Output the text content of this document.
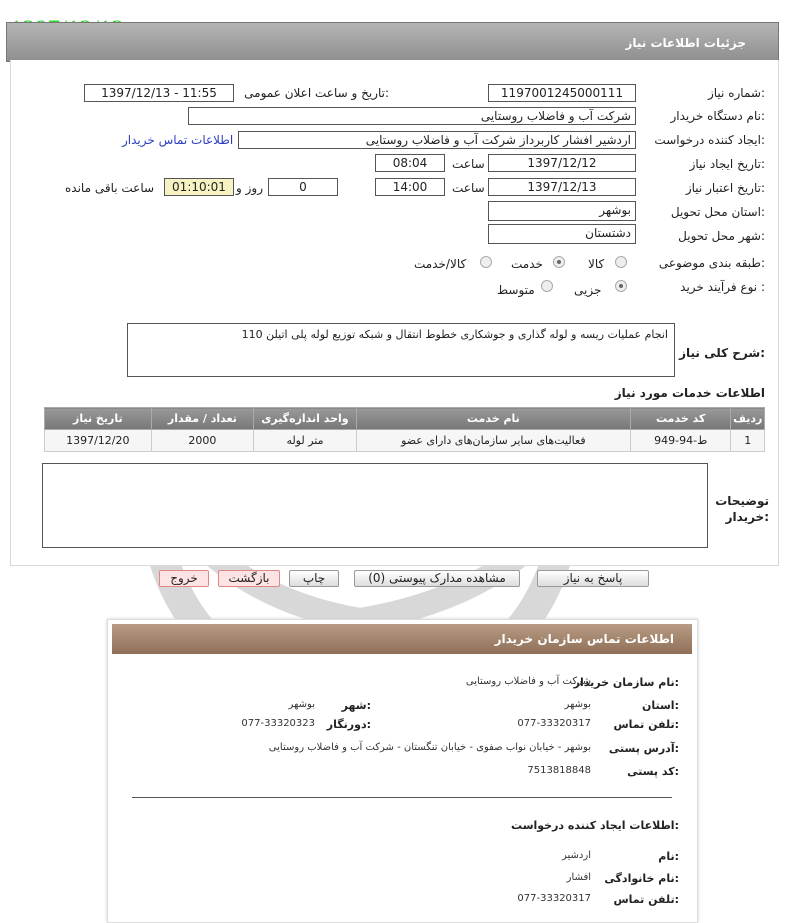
جزئیات اطلاعات نیاز
شماره نیاز:
1197001245000111
تاریخ و ساعت اعلان عمومی:
1397/12/13 - 11:55
نام دستگاه خریدار:
شرکت آب و فاضلاب روستایی
ایجاد کننده درخواست:
اردشیر افشار کاربرداز شرکت آب و فاضلاب روستایی
اطلاعات تماس خریدار
تاریخ ایجاد نیاز:
1397/12/12
ساعت
08:04
تاریخ اعتبار نیاز:
1397/12/13
ساعت
14:00
0
روز و
01:10:01
ساعت باقی مانده
استان محل تحویل:
بوشهر
شهر محل تحویل:
دشتستان
طبقه بندی موضوعی:
کالا
خدمت
کالا/خدمت
نوع فرآیند خرید :
جزیی
متوسط
شرح کلی نیاز:
انجام عملیات ریسه و لوله گذاری و جوشکاری خطوط انتقال و شبکه توزیع لوله پلی اتیلن 110
اطلاعات خدمات مورد نیاز
تاریخ نیاز	تعداد / مقدار	واحد اندازه‌گیری	نام خدمت	کد خدمت	ردیف
1397/12/20	2000	متر لوله	فعالیت‌های سایر سازمان‌های دارای عضو	ط-94-949	1
توضیحات خریدار:
پاسخ به نیاز
مشاهده مدارک پیوستی (0)
چاپ
بازگشت
خروج
اطلاعات تماس سازمان خریدار
نام سازمان خریدار:
شرکت آب و فاضلاب روستایی
استان:
بوشهر
شهر:
بوشهر
تلفن تماس:
077-33320317
دورنگار:
077-33320323
آدرس پستی:
بوشهر - خیابان نواب صفوی - خیابان تنگستان - شرکت آب و فاضلاب روستایی
کد پستی:
7513818848
اطلاعات ایجاد کننده درخواست:
نام:
اردشیر
نام خانوادگی:
افشار
تلفن تماس:
077-33320317
